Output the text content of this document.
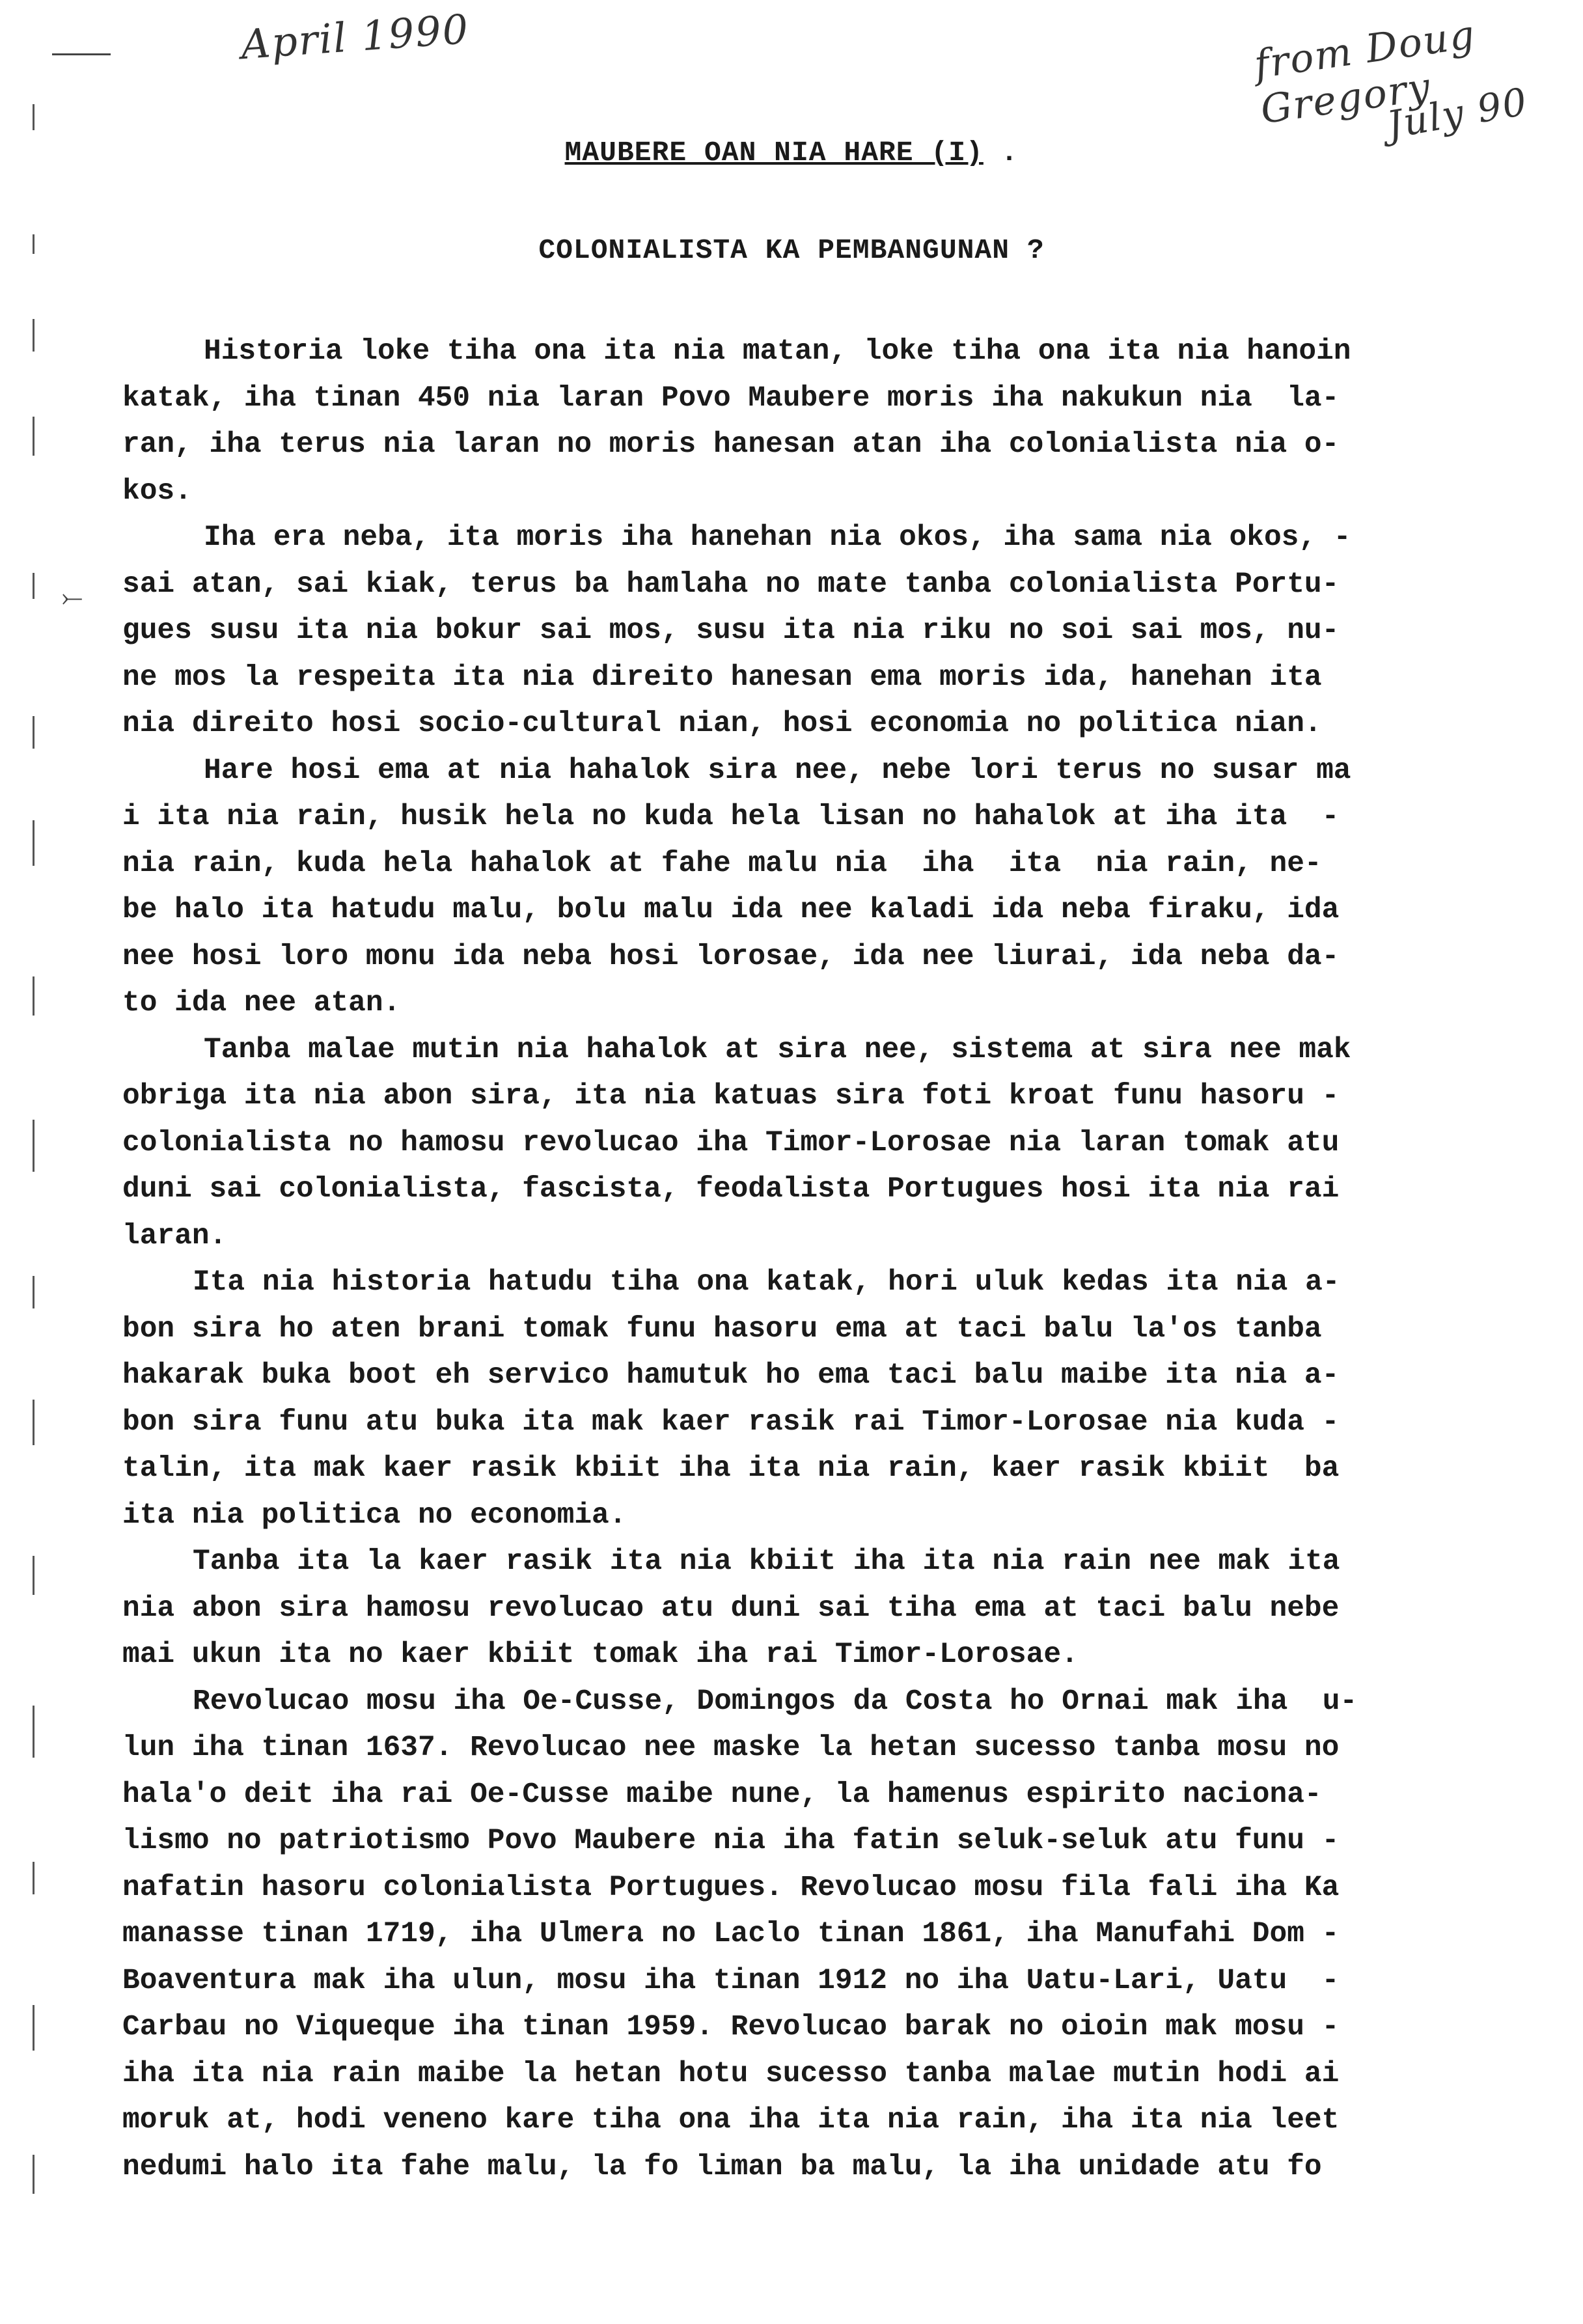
April 1990	from Doug Gregory
July 90
⤚
MAUBERE OAN NIA HARE (I) .
COLONIALISTA KA PEMBANGUNAN ?
Historia loke tiha ona ita nia matan, loke tiha ona ita nia hanoin
katak, iha tinan 450 nia laran Povo Maubere moris iha nakukun nia  la-
ran, iha terus nia laran no moris hanesan atan iha colonialista nia o-
kos.
Iha era neba, ita moris iha hanehan nia okos, iha sama nia okos, -
sai atan, sai kiak, terus ba hamlaha no mate tanba colonialista Portu-
gues susu ita nia bokur sai mos, susu ita nia riku no soi sai mos, nu-
ne mos la respeita ita nia direito hanesan ema moris ida, hanehan ita
nia direito hosi socio-cultural nian, hosi economia no politica nian.
Hare hosi ema at nia hahalok sira nee, nebe lori terus no susar ma
i ita nia rain, husik hela no kuda hela lisan no hahalok at iha ita  -
nia rain, kuda hela hahalok at fahe malu nia  iha  ita  nia rain, ne-
be halo ita hatudu malu, bolu malu ida nee kaladi ida neba firaku, ida
nee hosi loro monu ida neba hosi lorosae, ida nee liurai, ida neba da-
to ida nee atan.
Tanba malae mutin nia hahalok at sira nee, sistema at sira nee mak
obriga ita nia abon sira, ita nia katuas sira foti kroat funu hasoru -
colonialista no hamosu revolucao iha Timor-Lorosae nia laran tomak atu
duni sai colonialista, fascista, feodalista Portugues hosi ita nia rai
laran.
Ita nia historia hatudu tiha ona katak, hori uluk kedas ita nia a-
bon sira ho aten brani tomak funu hasoru ema at taci balu la'os tanba
hakarak buka boot eh servico hamutuk ho ema taci balu maibe ita nia a-
bon sira funu atu buka ita mak kaer rasik rai Timor-Lorosae nia kuda -
talin, ita mak kaer rasik kbiit iha ita nia rain, kaer rasik kbiit  ba
ita nia politica no economia.
Tanba ita la kaer rasik ita nia kbiit iha ita nia rain nee mak ita
nia abon sira hamosu revolucao atu duni sai tiha ema at taci balu nebe
mai ukun ita no kaer kbiit tomak iha rai Timor-Lorosae.
Revolucao mosu iha Oe-Cusse, Domingos da Costa ho Ornai mak iha  u-
lun iha tinan 1637. Revolucao nee maske la hetan sucesso tanba mosu no
hala'o deit iha rai Oe-Cusse maibe nune, la hamenus espirito naciona-
lismo no patriotismo Povo Maubere nia iha fatin seluk-seluk atu funu -
nafatin hasoru colonialista Portugues. Revolucao mosu fila fali iha Ka
manasse tinan 1719, iha Ulmera no Laclo tinan 1861, iha Manufahi Dom -
Boaventura mak iha ulun, mosu iha tinan 1912 no iha Uatu-Lari, Uatu  -
Carbau no Viqueque iha tinan 1959. Revolucao barak no oioin mak mosu -
iha ita nia rain maibe la hetan hotu sucesso tanba malae mutin hodi ai
moruk at, hodi veneno kare tiha ona iha ita nia rain, iha ita nia leet
nedumi halo ita fahe malu, la fo liman ba malu, la iha unidade atu fo
